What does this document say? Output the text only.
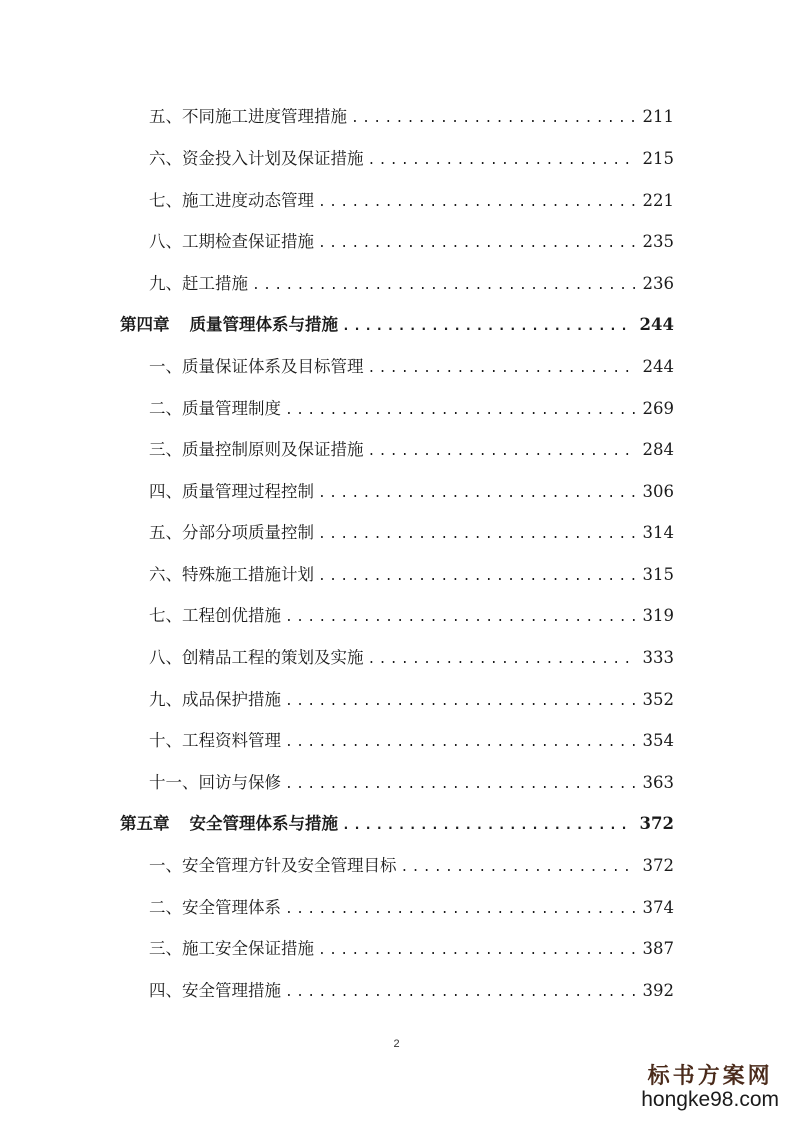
五、不同施工进度管理措施 .....	211
六、资金投入计划及保证措施 .....	215
七、施工进度动态管理 .....	221
八、工期检查保证措施 .....	235
九、赶工措施 .....	236
第四章 质量管理体系与措施 .....	244
一、质量保证体系及目标管理 .....	244
二、质量管理制度 .....	269
三、质量控制原则及保证措施 .....	284
四、质量管理过程控制 .....	306
五、分部分项质量控制 .....	314
六、特殊施工措施计划 .....	315
七、工程创优措施 .....	319
八、创精品工程的策划及实施 .....	333
九、成品保护措施 .....	352
十、工程资料管理 .....	354
十一、回访与保修 .....	363
第五章 安全管理体系与措施 .....	372
一、安全管理方针及安全管理目标 .....	372
二、安全管理体系 .....	374
三、施工安全保证措施 .....	387
四、安全管理措施 .....	392
2
标书方案网
hongke98.com
